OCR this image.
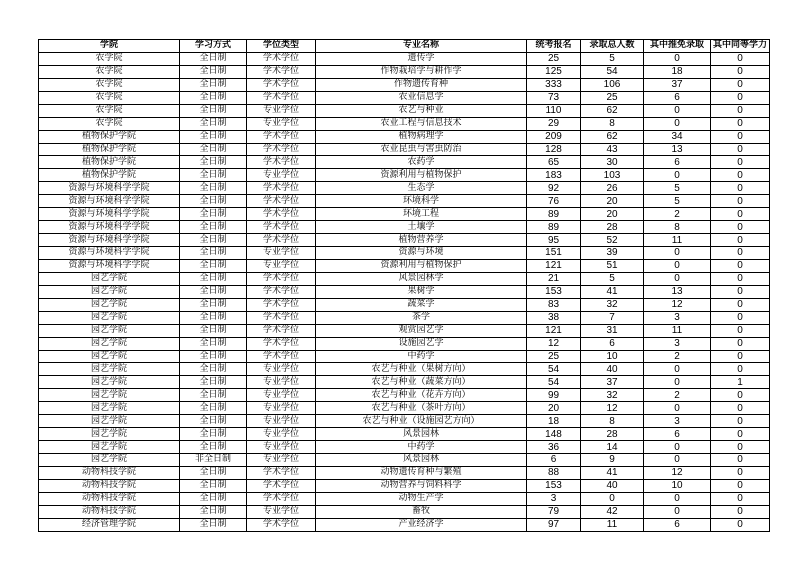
学院	学习方式	学位类型	专业名称	统考报名	录取总人数	其中推免录取	其中同等学力
农学院	全日制	学术学位	遗传学	25	5	0	0
农学院	全日制	学术学位	作物栽培学与耕作学	125	54	18	0
农学院	全日制	学术学位	作物遗传育种	333	106	37	0
农学院	全日制	学术学位	农业信息学	73	25	6	0
农学院	全日制	专业学位	农艺与种业	110	62	0	0
农学院	全日制	专业学位	农业工程与信息技术	29	8	0	0
植物保护学院	全日制	学术学位	植物病理学	209	62	34	0
植物保护学院	全日制	学术学位	农业昆虫与害虫防治	128	43	13	0
植物保护学院	全日制	学术学位	农药学	65	30	6	0
植物保护学院	全日制	专业学位	资源利用与植物保护	183	103	0	0
资源与环境科学学院	全日制	学术学位	生态学	92	26	5	0
资源与环境科学学院	全日制	学术学位	环境科学	76	20	5	0
资源与环境科学学院	全日制	学术学位	环境工程	89	20	2	0
资源与环境科学学院	全日制	学术学位	土壤学	89	28	8	0
资源与环境科学学院	全日制	学术学位	植物营养学	95	52	11	0
资源与环境科学学院	全日制	专业学位	资源与环境	151	39	0	0
资源与环境科学学院	全日制	专业学位	资源利用与植物保护	121	51	0	0
园艺学院	全日制	学术学位	风景园林学	21	5	0	0
园艺学院	全日制	学术学位	果树学	153	41	13	0
园艺学院	全日制	学术学位	蔬菜学	83	32	12	0
园艺学院	全日制	学术学位	茶学	38	7	3	0
园艺学院	全日制	学术学位	观赏园艺学	121	31	11	0
园艺学院	全日制	学术学位	设施园艺学	12	6	3	0
园艺学院	全日制	学术学位	中药学	25	10	2	0
园艺学院	全日制	专业学位	农艺与种业（果树方向）	54	40	0	0
园艺学院	全日制	专业学位	农艺与种业（蔬菜方向）	54	37	0	1
园艺学院	全日制	专业学位	农艺与种业（花卉方向）	99	32	2	0
园艺学院	全日制	专业学位	农艺与种业（茶叶方向）	20	12	0	0
园艺学院	全日制	专业学位	农艺与种业（设施园艺方向）	18	8	3	0
园艺学院	全日制	专业学位	风景园林	148	28	6	0
园艺学院	全日制	专业学位	中药学	36	14	0	0
园艺学院	非全日制	专业学位	风景园林	6	9	0	0
动物科技学院	全日制	学术学位	动物遗传育种与繁殖	88	41	12	0
动物科技学院	全日制	学术学位	动物营养与饲料科学	153	40	10	0
动物科技学院	全日制	学术学位	动物生产学	3	0	0	0
动物科技学院	全日制	专业学位	畜牧	79	42	0	0
经济管理学院	全日制	学术学位	产业经济学	97	11	6	0
